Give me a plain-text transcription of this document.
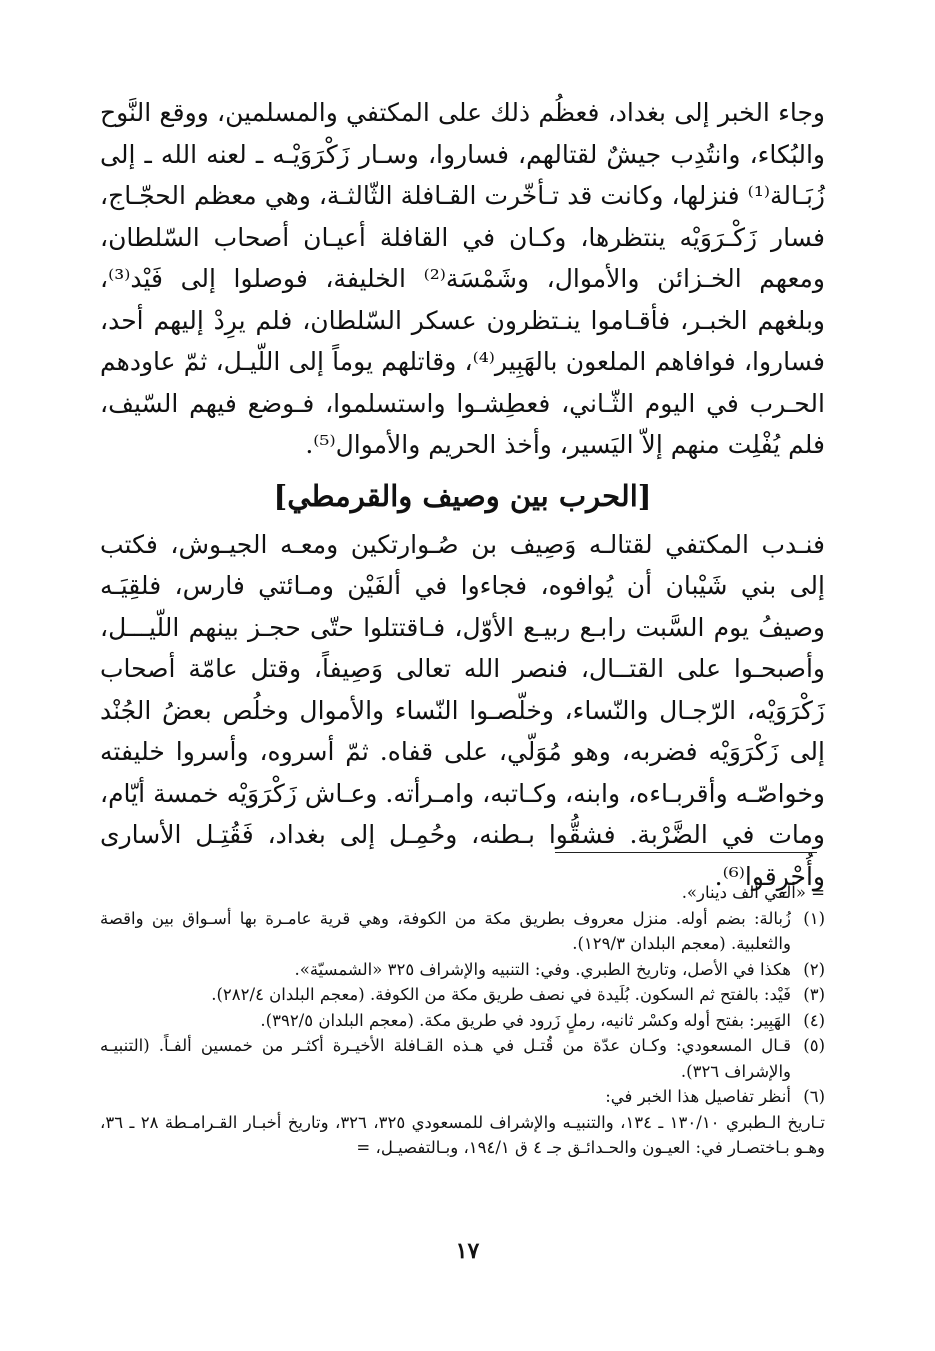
وجاء الخبر إلى بغداد، فعظُم ذلك على المكتفي والمسلمين، ووقع النَّوح والبُكاء، وانتُدِب جيشٌ لقتالهم، فساروا، وسـار زَكْرَوَيْـه ـ لعنه الله ـ إلى زُبَـالة⁽¹⁾ فنزلها، وكانت قد تـأخّرت القـافلة الثّالثـة، وهي معظم الحجّـاج، فسار زَكْـرَوَيْه ينتظرها، وكـان في القافلة أعيـان أصحاب السّلطان، ومعهم الخـزائن والأموال، وشَمْسَة⁽²⁾ الخليفة، فوصلوا إلى فَيْد⁽³⁾، وبلغهم الخبـر، فأقـاموا ينـتظرون عسكر السّلطان، فلم يرِدْ إليهم أحد، فساروا، فوافاهم الملعون بالهَبِير⁽⁴⁾، وقاتلهم يوماً إلى اللّيـل، ثمّ عاودهم الحـرب في اليوم الثّـاني، فعطِشـوا واستسلموا، فـوضع فيهم السّيف، فلم يُفْلِت منهم إلاّ اليَسير، وأخذ الحريم والأموال⁽⁵⁾.

[الحرب بين وصيف والقرمطي]

فنـدب المكتفي لقتالـه وَصِيف بن صُـوارتكين ومعـه الجيـوش، فكتب إلى بني شَيْبان أن يُوافوه، فجاءوا في ألفَيْن ومـائتي فارس، فلقِيَـه وصيفُ يوم السَّبت رابـع ربيـع الأوّل، فـاقتتلوا حتّى حجـز بينهم اللّيـــل، وأصبحـوا على القتــال، فنصر الله تعالى وَصِيفاً، وقتل عامّة أصحاب زَكْرَوَيْه، الرّجـال والنّساء، وخلّصـوا النّساء والأموال وخلُص بعضُ الجُنْد إلى زَكْرَوَيْه فضربه، وهو مُوَلّي، على قفاه. ثمّ أسروه، وأسروا خليفته وخواصّـه وأقربـاءه، وابنه، وكـاتبه، وامـرأته. وعـاش زَكْرَوَيْه خمسة أيّام، ومات في الضَّرْبة. فشقُّوا بـطنه، وحُمِـل إلى بغداد، فَقُتِـل الأسارى وأُحْرِقوا⁽⁶⁾.

= «ألفي ألف دينار».
(١)
زُبالة: بضم أوله. منزل معروف بطريق مكة من الكوفة، وهي قرية عامـرة بها أسـواق بين واقصة والثعلبية. (معجم البلدان ١٢٩/٣).
(٢)
هكذا في الأصل، وتاريخ الطبري. وفي: التنبيه والإشراف ٣٢٥ «الشمسيّة».
(٣)
فَيْد: بالفتح ثم السكون. بُلَيدة في نصف طريق مكة من الكوفة. (معجم البلدان ٢٨٢/٤).
(٤)
الهَبِير: بفتح أوله وكسْر ثانيه، رملٍ زَرود في طريق مكة. (معجم البلدان ٣٩٢/٥).
(٥)
قـال المسعودي: وكـان عدّة من قُتـل في هـذه القـافلة الأخيـرة أكثـر من خمسين ألفـاً. (التنبيـه والإشراف ٣٢٦).
(٦)
أنظر تفاصيل هذا الخبر في:
تـاريخ الـطبري ١٣٠/١٠ ـ ١٣٤، والتنبيـه والإشراف للمسعودي ٣٢٥، ٣٢٦، وتاريخ أخبـار القـرامـطة ٢٨ ـ ٣٦، وهـو بـاختصـار في: العيـون والحـدائـق جـ ٤ ق ١٩٤/١، وبـالتفصيـل، =
١٧
